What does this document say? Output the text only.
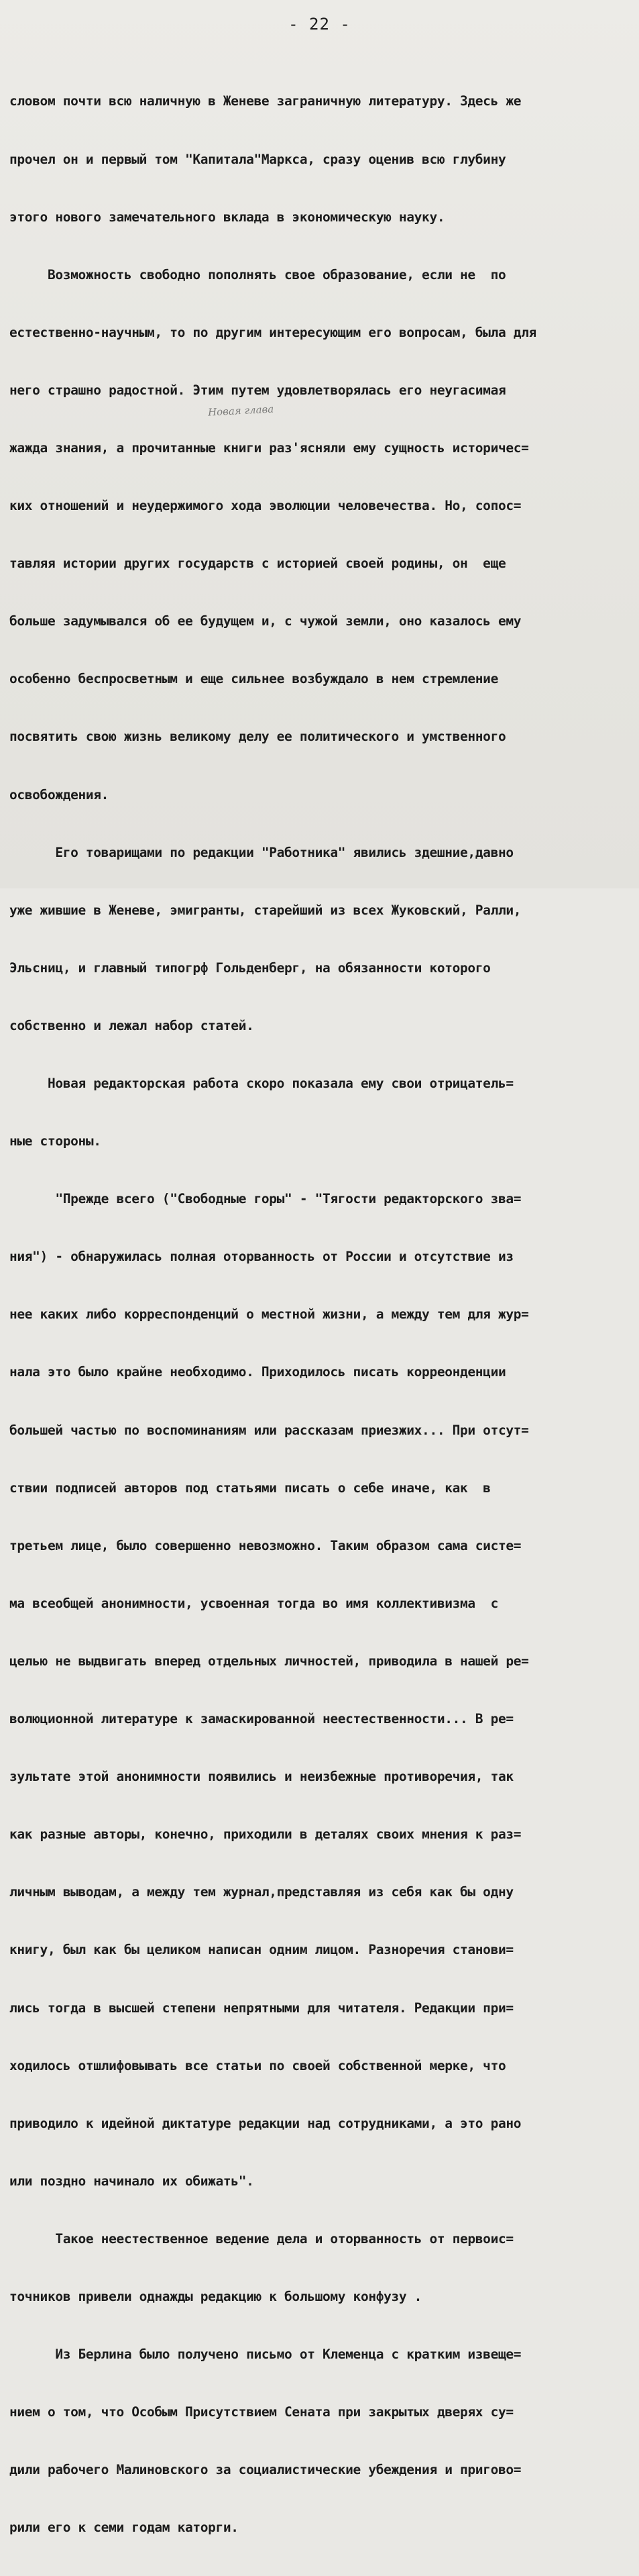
- 22 -
Новая глава

словом почти всю наличную в Женеве заграничную литературу. Здесь же

прочел он и первый том "Капитала"Маркса, сразу оценив всю глубину

этого нового замечательного вклада в экономическую науку.

Возможность свободно пополнять свое образование, если не  по

естественно-научным, то по другим интересующим его вопросам, была для

него страшно радостной. Этим путем удовлетворялась его неугасимая

жажда знания, а прочитанные книги раз'ясняли ему сущность историчес=

ких отношений и неудержимого хода эволюции человечества. Но, сопос=

тавляя истории других государств с историей своей родины, он  еще

больше задумывался об ее будущем и, с чужой земли, оно казалось ему

особенно беспросветным и еще сильнее возбуждало в нем стремление

посвятить свою жизнь великому делу ее политического и умственного

освобождения.

Его товарищами по редакции "Работника" явились здешние,давно

уже жившие в Женеве, эмигранты, старейший из всех Жуковский, Ралли,

Эльсниц, и главный типогрф Гольденберг, на обязанности которого

собственно и лежал набор статей.

Новая редакторская работа скоро показала ему свои отрицатель=

ные стороны.

"Прежде всего ("Свободные горы" - "Тягости редакторского зва=

ния") - обнаружилась полная оторванность от России и отсутствие из

нее каких либо корреспонденций о местной жизни, а между тем для жур=

нала это было крайне необходимо. Приходилось писать корреонденции

большей частью по воспоминаниям или рассказам приезжих... При отсут=

ствии подписей авторов под статьями писать о себе иначе, как  в

третьем лице, было совершенно невозможно. Таким образом сама систе=

ма всеобщей анонимности, усвоенная тогда во имя коллективизма  с

целью не выдвигать вперед отдельных личностей, приводила в нашей ре=

волюционной литературе к замаскированной неестественности... В ре=

зультате этой анонимности появились и неизбежные противоречия, так

как разные авторы, конечно, приходили в деталях своих мнения к раз=

личным выводам, а между тем журнал,представляя из себя как бы одну

книгу, был как бы целиком написан одним лицом. Разноречия станови=

лись тогда в высшей степени непрятными для читателя. Редакции при=

ходилось отшлифовывать все статьи по своей собственной мерке, что

приводило к идейной диктатуре редакции над сотрудниками, а это рано

или поздно начинало их обижать".

Такое неестественное ведение дела и оторванность от первоис=

точников привели однажды редакцию к большому конфузу .

Из Берлина было получено письмо от Клеменца с кратким извеще=

нием о том, что Особым Присутствием Сената при закрытых дверях су=

дили рабочего Малиновского за социалистические убеждения и пригово=

рили его к семи годам каторги.
